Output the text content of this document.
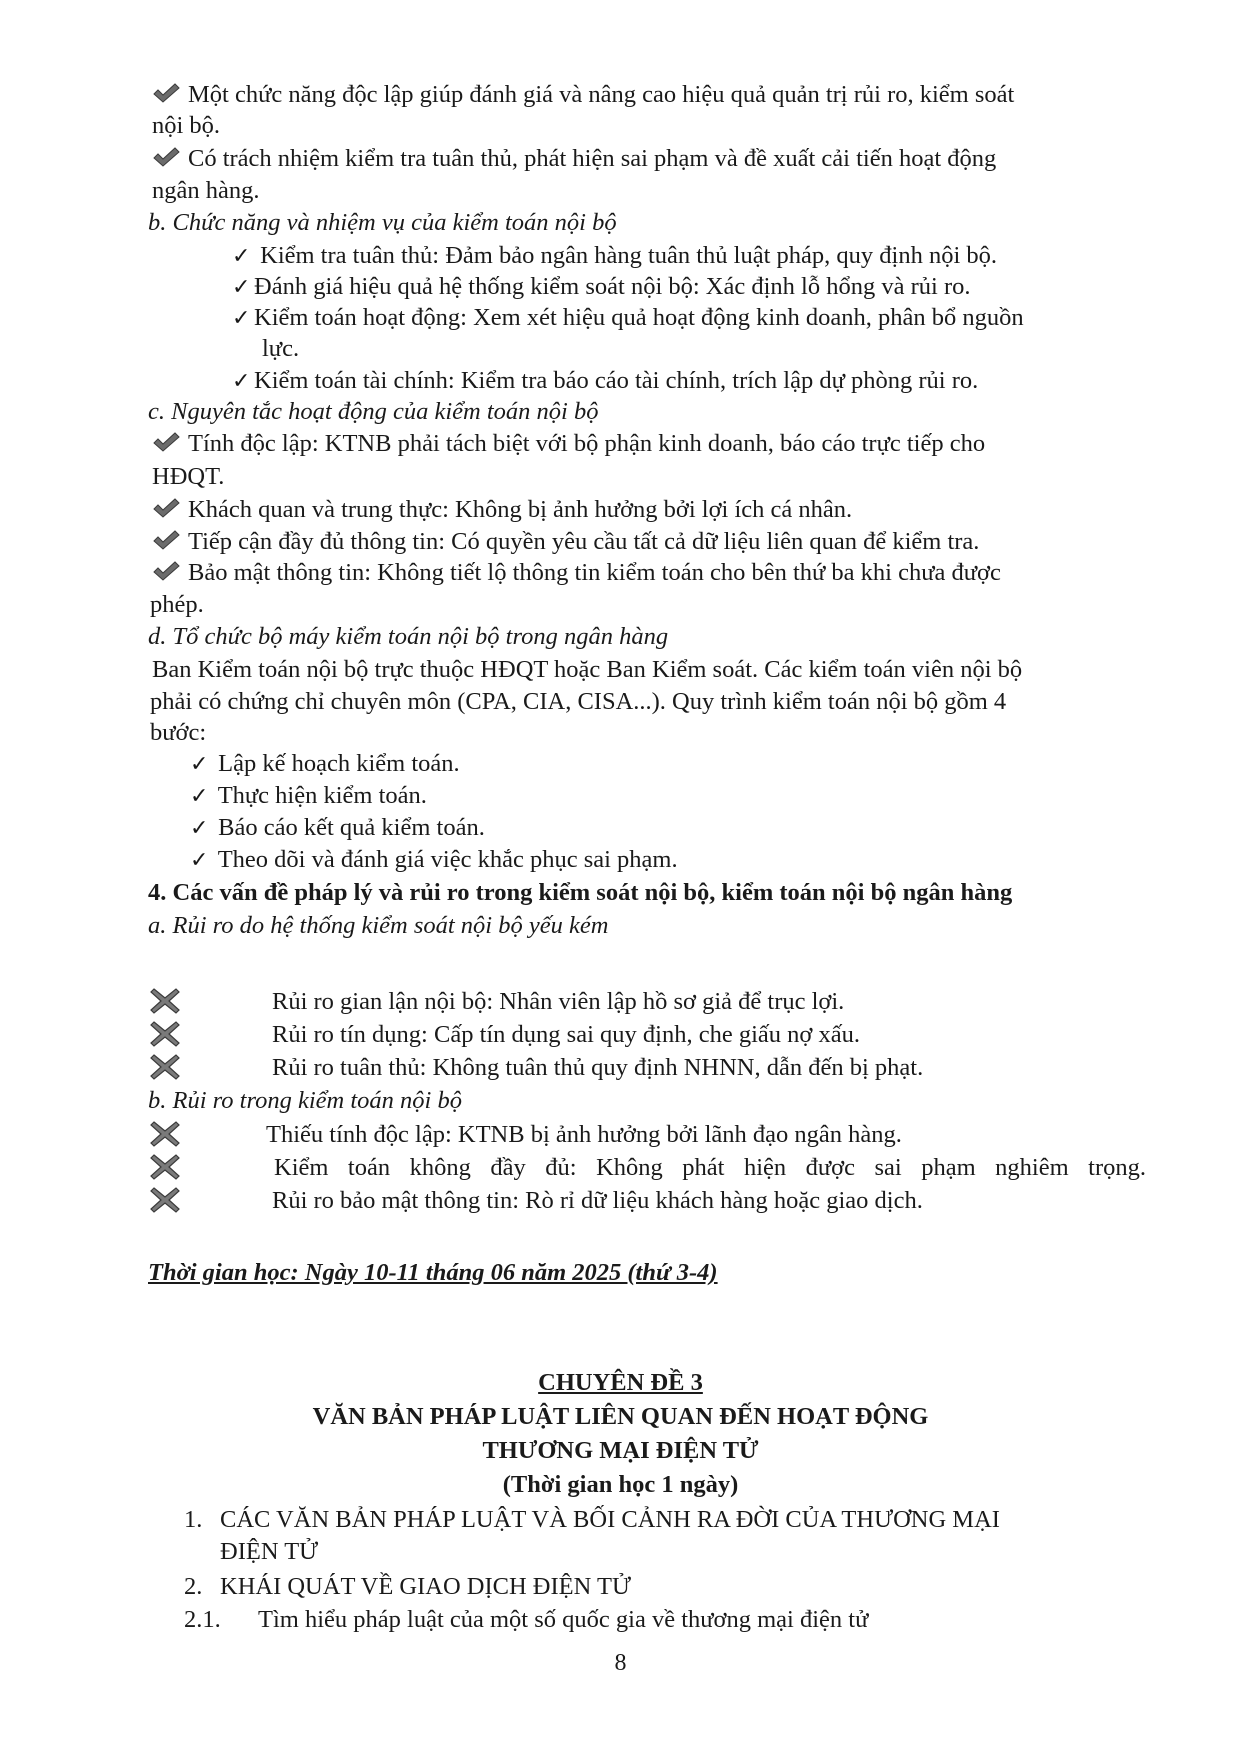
Một chức năng độc lập giúp đánh giá và nâng cao hiệu quả quản trị rủi ro, kiểm soát
nội bộ.
Có trách nhiệm kiểm tra tuân thủ, phát hiện sai phạm và đề xuất cải tiến hoạt động
ngân hàng.
b. Chức năng và nhiệm vụ của kiểm toán nội bộ
✓ Kiểm tra tuân thủ: Đảm bảo ngân hàng tuân thủ luật pháp, quy định nội bộ.
✓ Đánh giá hiệu quả hệ thống kiểm soát nội bộ: Xác định lỗ hổng và rủi ro.
✓ Kiểm toán hoạt động: Xem xét hiệu quả hoạt động kinh doanh, phân bổ nguồn
lực.
✓ Kiểm toán tài chính: Kiểm tra báo cáo tài chính, trích lập dự phòng rủi ro.
c. Nguyên tắc hoạt động của kiểm toán nội bộ
Tính độc lập: KTNB phải tách biệt với bộ phận kinh doanh, báo cáo trực tiếp cho
HĐQT.
Khách quan và trung thực: Không bị ảnh hưởng bởi lợi ích cá nhân.
Tiếp cận đầy đủ thông tin: Có quyền yêu cầu tất cả dữ liệu liên quan để kiểm tra.
Bảo mật thông tin: Không tiết lộ thông tin kiểm toán cho bên thứ ba khi chưa được
phép.
d. Tổ chức bộ máy kiểm toán nội bộ trong ngân hàng
Ban Kiểm toán nội bộ trực thuộc HĐQT hoặc Ban Kiểm soát. Các kiểm toán viên nội bộ
phải có chứng chỉ chuyên môn (CPA, CIA, CISA...). Quy trình kiểm toán nội bộ gồm 4
bước:
✓ Lập kế hoạch kiểm toán.
✓ Thực hiện kiểm toán.
✓ Báo cáo kết quả kiểm toán.
✓ Theo dõi và đánh giá việc khắc phục sai phạm.
4. Các vấn đề pháp lý và rủi ro trong kiểm soát nội bộ, kiểm toán nội bộ ngân hàng
a. Rủi ro do hệ thống kiểm soát nội bộ yếu kém
Rủi ro gian lận nội bộ: Nhân viên lập hồ sơ giả để trục lợi.
Rủi ro tín dụng: Cấp tín dụng sai quy định, che giấu nợ xấu.
Rủi ro tuân thủ: Không tuân thủ quy định NHNN, dẫn đến bị phạt.
b. Rủi ro trong kiểm toán nội bộ
Thiếu tính độc lập: KTNB bị ảnh hưởng bởi lãnh đạo ngân hàng.
Kiểm toán không đầy đủ: Không phát hiện được sai phạm nghiêm trọng.
Rủi ro bảo mật thông tin: Rò rỉ dữ liệu khách hàng hoặc giao dịch.
Thời gian học: Ngày 10-11 tháng 06 năm 2025 (thứ 3-4)
CHUYÊN ĐỀ 3
VĂN BẢN PHÁP LUẬT LIÊN QUAN ĐẾN HOẠT ĐỘNG
THƯƠNG MẠI ĐIỆN TỬ
(Thời gian học 1 ngày)
1. CÁC VĂN BẢN PHÁP LUẬT VÀ BỐI CẢNH RA ĐỜI CỦA THƯƠNG MẠI
ĐIỆN TỬ
2. KHÁI QUÁT VỀ GIAO DỊCH ĐIỆN TỬ
2.1. Tìm hiểu pháp luật của một số quốc gia về thương mại điện tử
8
